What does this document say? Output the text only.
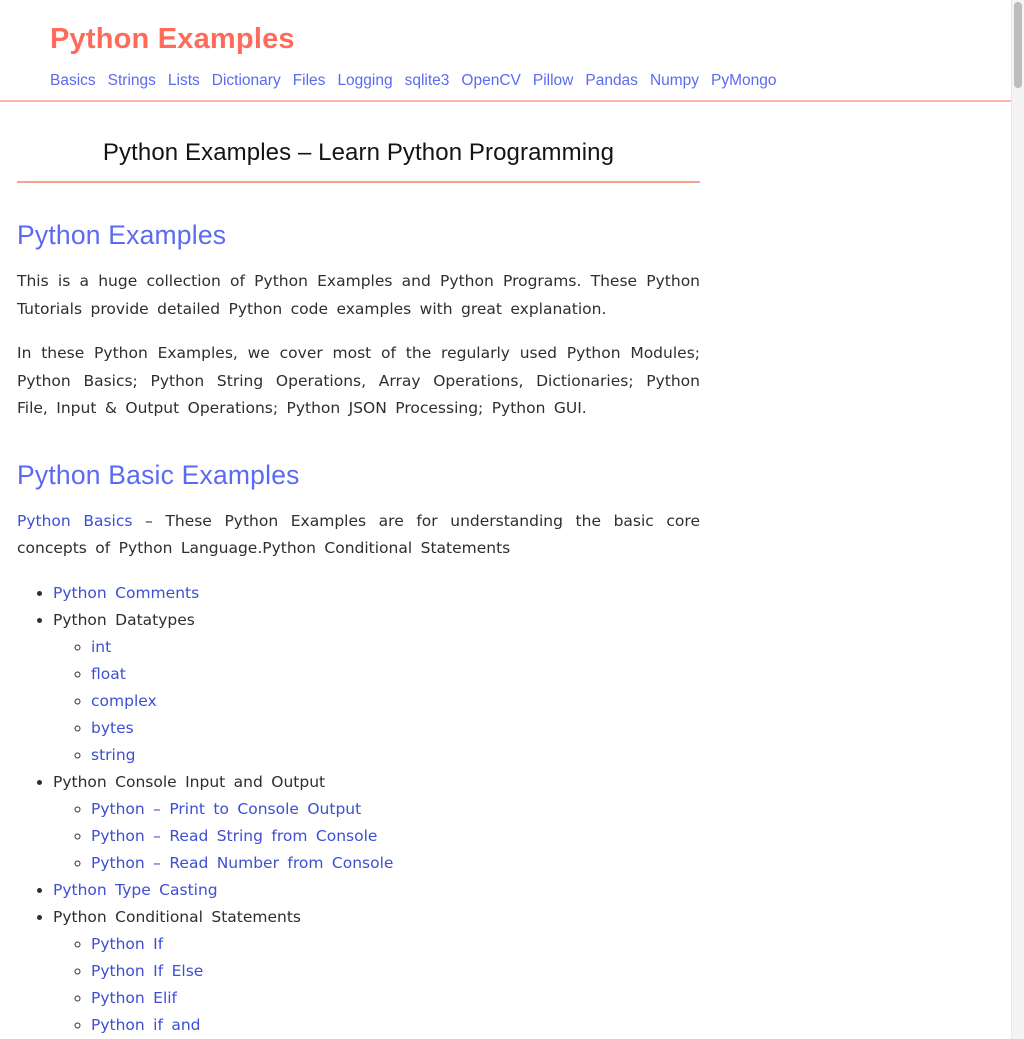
Python Examples
Basics Strings Lists Dictionary Files Logging sqlite3 OpenCV Pillow Pandas Numpy PyMongo
Python Examples – Learn Python Programming
Python Examples

This is a huge collection of Python Examples and Python Programs. These Python Tutorials provide detailed Python code examples with great explanation.

In these Python Examples, we cover most of the regularly used Python Modules; Python Basics; Python String Operations, Array Operations, Dictionaries; Python File, Input & Output Operations; Python JSON Processing; Python GUI.

Python Basic Examples

Python Basics – These Python Examples are for understanding the basic core concepts of Python Language.Python Conditional Statements

• Python Comments
• Python Datatypes
◦ int
◦ float
◦ complex
◦ bytes
◦ string
• Python Console Input and Output
◦ Python – Print to Console Output
◦ Python – Read String from Console
◦ Python – Read Number from Console
• Python Type Casting
• Python Conditional Statements
◦ Python If
◦ Python If Else
◦ Python Elif
◦ Python if and
